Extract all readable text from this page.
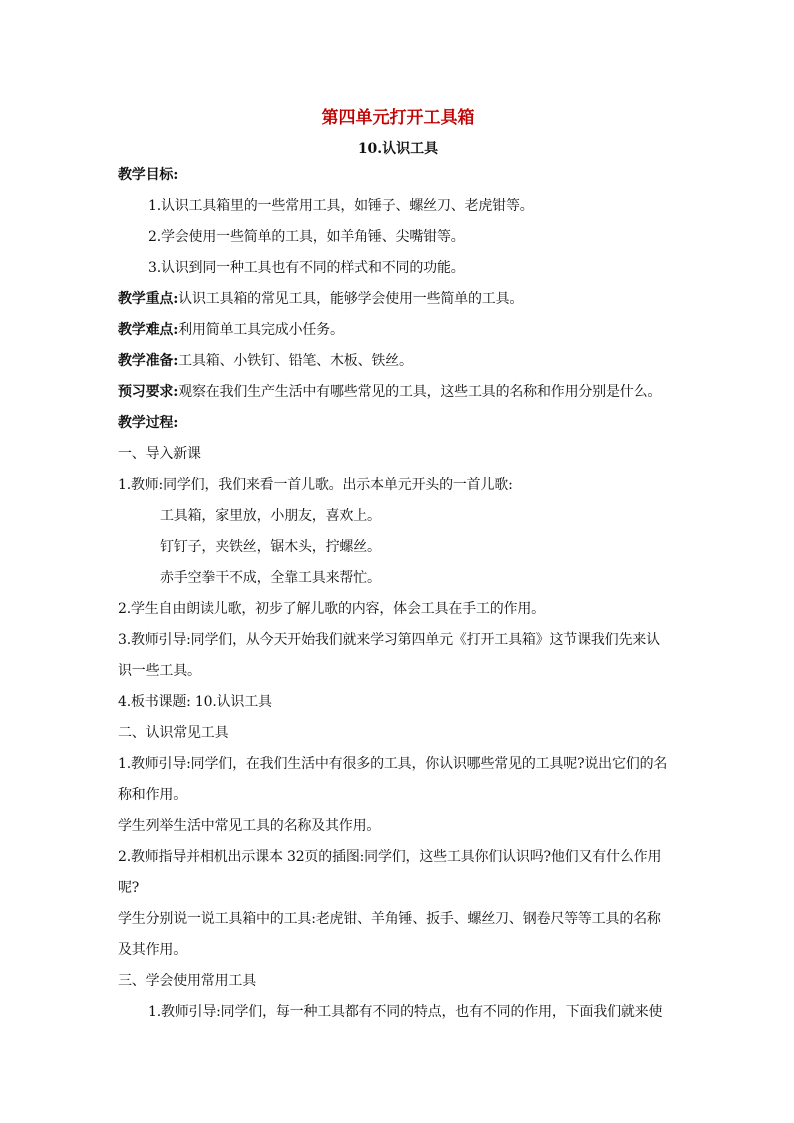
第四单元打开工具箱
10.认识工具

教学目标:

1.认识工具箱里的一些常用工具，如锤子、螺丝刀、老虎钳等。

2.学会使用一些简单的工具，如羊角锤、尖嘴钳等。

3.认识到同一种工具也有不同的样式和不同的功能。

教学重点:认识工具箱的常见工具，能够学会使用一些简单的工具。

教学难点:利用简单工具完成小任务。

教学准备:工具箱、小铁钉、铅笔、木板、铁丝。

预习要求:观察在我们生产生活中有哪些常见的工具，这些工具的名称和作用分别是什么。

教学过程:

一、导入新课

1.教师:同学们，我们来看一首儿歌。出示本单元开头的一首儿歌:

工具箱，家里放，小朋友，喜欢上。

钉钉子，夹铁丝，锯木头，拧螺丝。

赤手空拳干不成，全靠工具来帮忙。

2.学生自由朗读儿歌，初步了解儿歌的内容，体会工具在手工的作用。

3.教师引导:同学们，从今天开始我们就来学习第四单元《打开工具箱》这节课我们先来认

识一些工具。

4.板书课题: 10.认识工具

二、认识常见工具

1.教师引导:同学们，在我们生活中有很多的工具，你认识哪些常见的工具呢?说出它们的名

称和作用。

学生列举生活中常见工具的名称及其作用。

2.教师指导并相机出示课本 32页的插图:同学们，这些工具你们认识吗?他们又有什么作用

呢?

学生分别说一说工具箱中的工具:老虎钳、羊角锤、扳手、螺丝刀、钢卷尺等等工具的名称

及其作用。

三、学会使用常用工具

1.教师引导:同学们，每一种工具都有不同的特点，也有不同的作用，下面我们就来使
